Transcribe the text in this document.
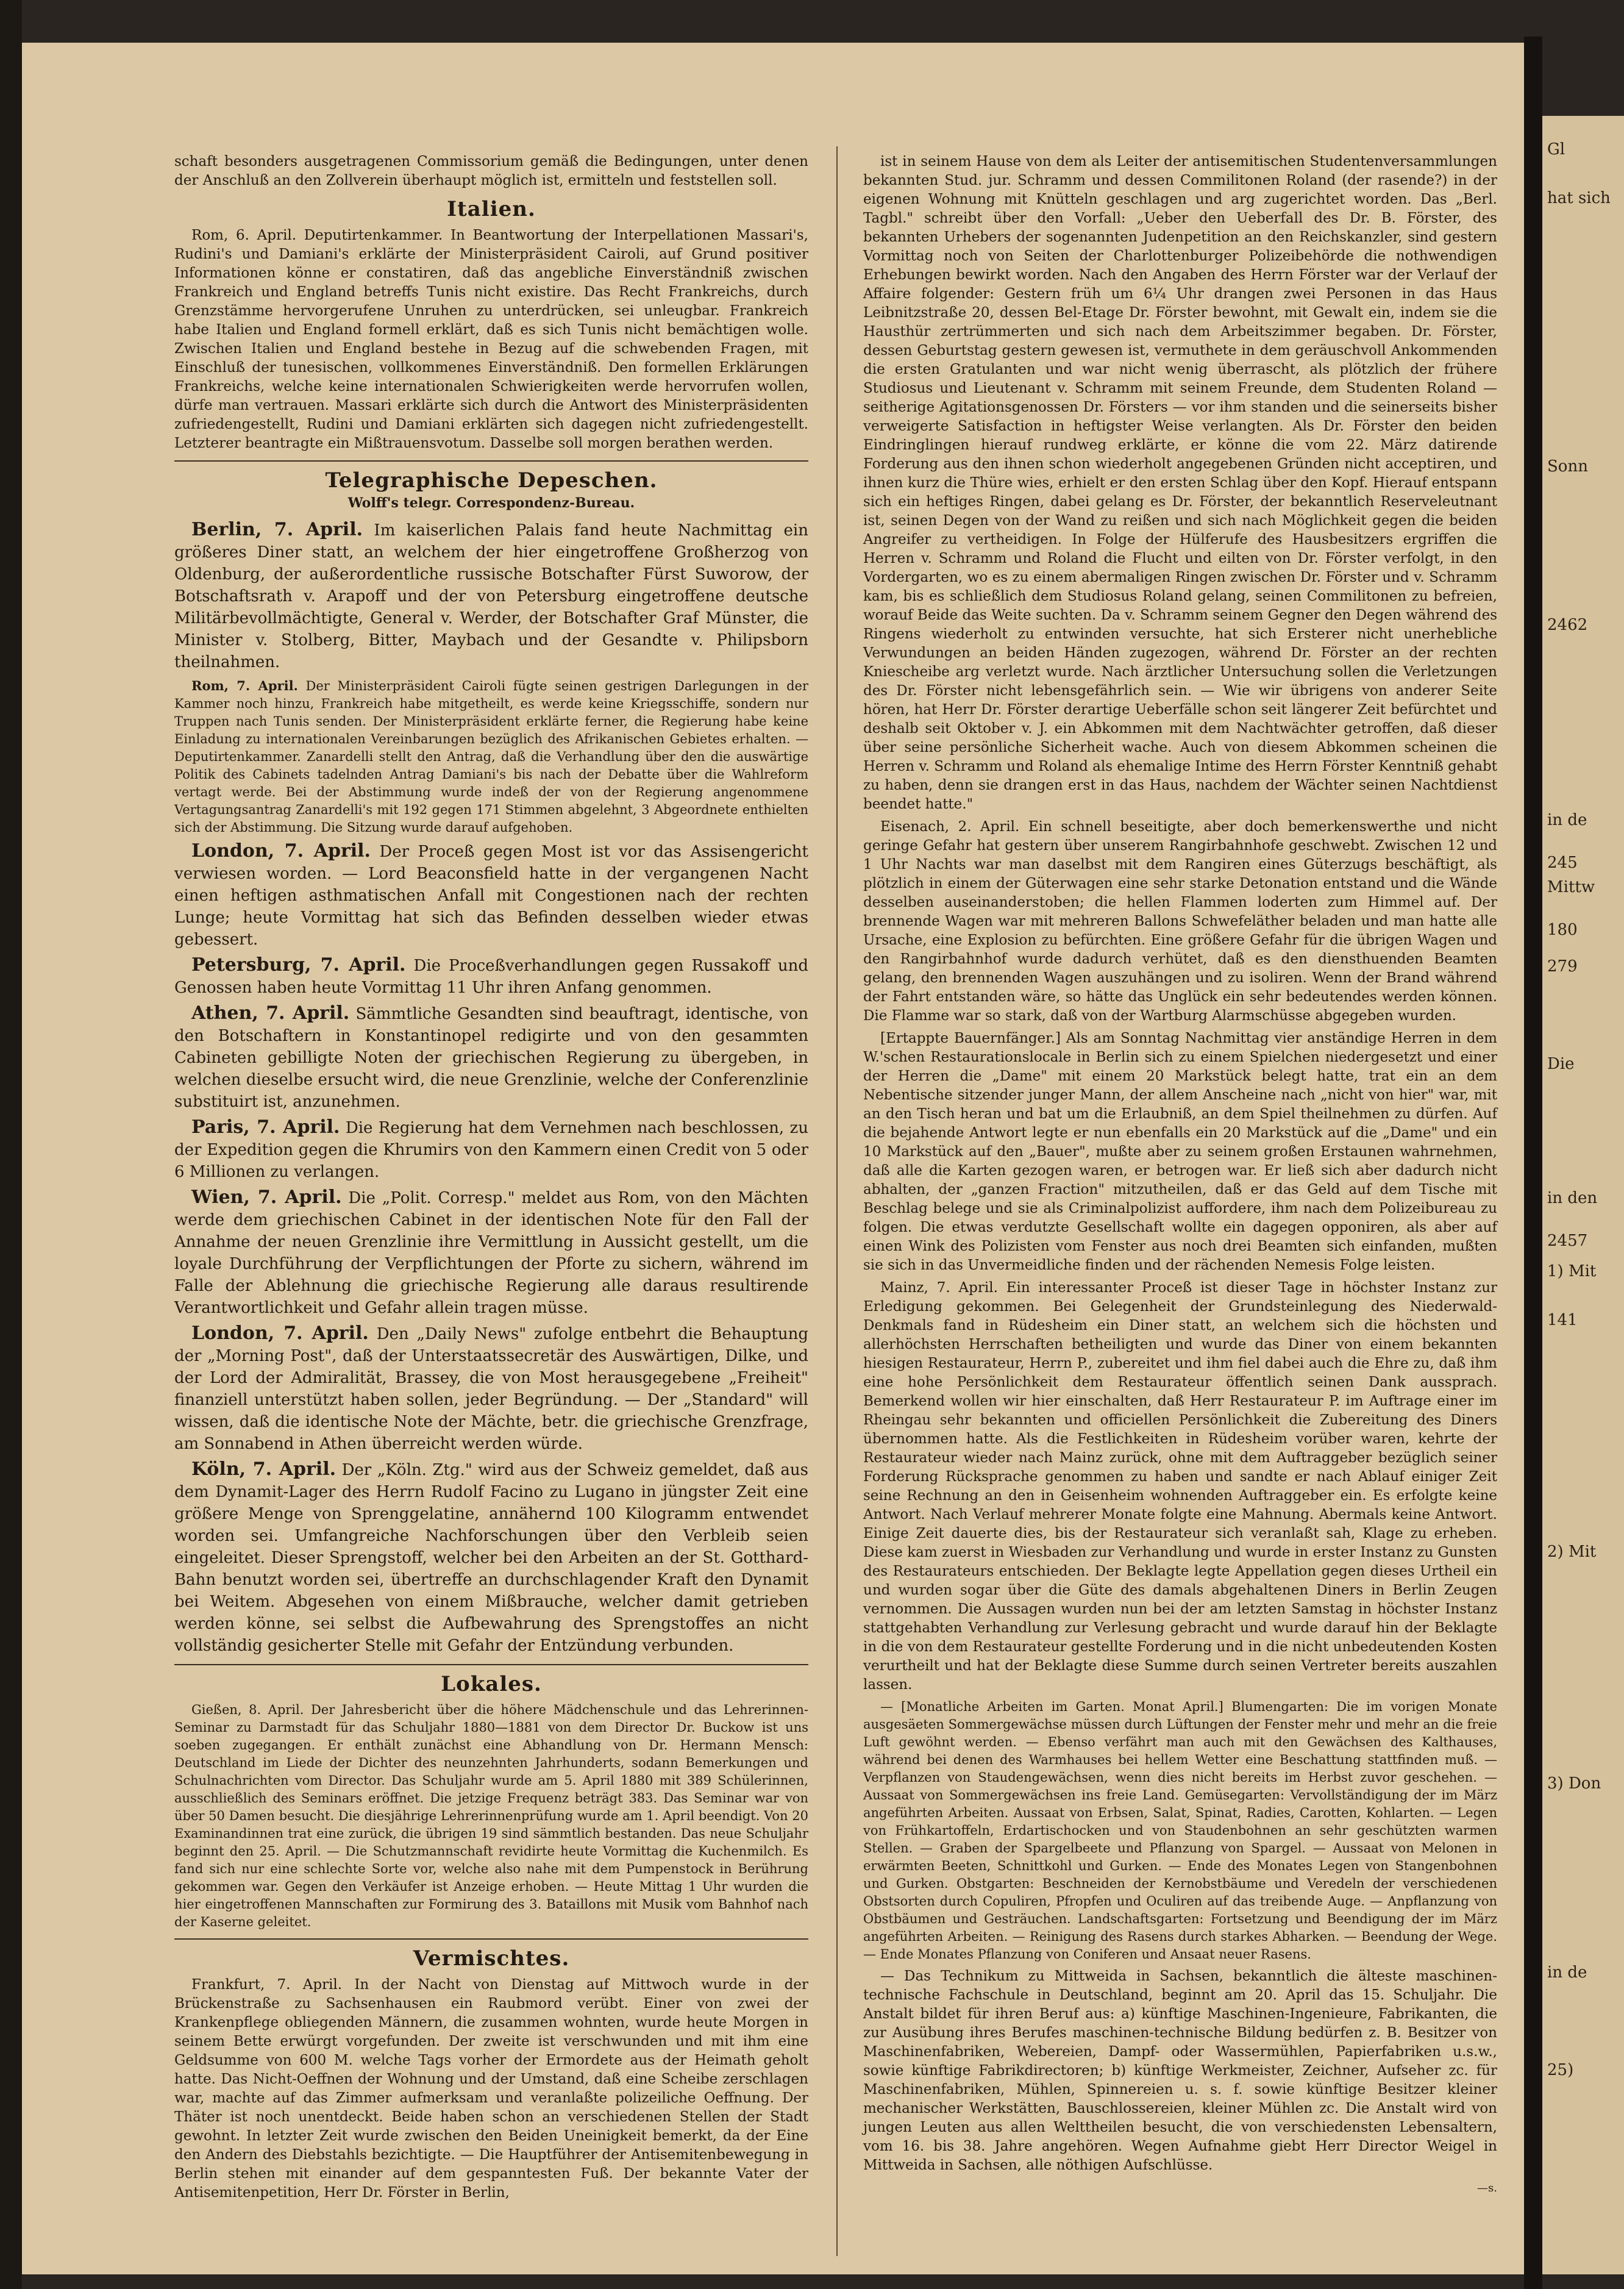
schaft besonders ausgetragenen Commissorium gemäß die Bedingungen, unter denen der Anschluß an den Zollverein überhaupt möglich ist, ermitteln und feststellen soll.

Italien.

Rom, 6. April. Deputirtenkammer. In Beantwortung der Interpellationen Massari's, Rudini's und Damiani's erklärte der Ministerpräsident Cairoli, auf Grund positiver Informationen könne er constatiren, daß das angebliche Einverständniß zwischen Frankreich und England betreffs Tunis nicht existire. Das Recht Frankreichs, durch Grenzstämme hervorgerufene Unruhen zu unterdrücken, sei unleugbar. Frankreich habe Italien und England formell erklärt, daß es sich Tunis nicht bemächtigen wolle. Zwischen Italien und England bestehe in Bezug auf die schwebenden Fragen, mit Einschluß der tunesischen, vollkommenes Einverständniß. Den formellen Erklärungen Frankreichs, welche keine internationalen Schwierigkeiten werde hervorrufen wollen, dürfe man vertrauen. Massari erklärte sich durch die Antwort des Ministerpräsidenten zufriedengestellt, Rudini und Damiani erklärten sich dagegen nicht zufriedengestellt. Letzterer beantragte ein Mißtrauensvotum. Dasselbe soll morgen berathen werden.

Telegraphische Depeschen.
Wolff's telegr. Correspondenz-Bureau.

Berlin, 7. April. Im kaiserlichen Palais fand heute Nachmittag ein größeres Diner statt, an welchem der hier eingetroffene Großherzog von Oldenburg, der außerordentliche russische Botschafter Fürst Suworow, der Botschaftsrath v. Arapoff und der von Petersburg eingetroffene deutsche Militärbevollmächtigte, General v. Werder, der Botschafter Graf Münster, die Minister v. Stolberg, Bitter, Maybach und der Gesandte v. Philipsborn theilnahmen.

Rom, 7. April. Der Ministerpräsident Cairoli fügte seinen gestrigen Darlegungen in der Kammer noch hinzu, Frankreich habe mitgetheilt, es werde keine Kriegsschiffe, sondern nur Truppen nach Tunis senden. Der Ministerpräsident erklärte ferner, die Regierung habe keine Einladung zu internationalen Vereinbarungen bezüglich des Afrikanischen Gebietes erhalten. — Deputirtenkammer. Zanardelli stellt den Antrag, daß die Verhandlung über den die auswärtige Politik des Cabinets tadelnden Antrag Damiani's bis nach der Debatte über die Wahlreform vertagt werde. Bei der Abstimmung wurde indeß der von der Regierung angenommene Vertagungsantrag Zanardelli's mit 192 gegen 171 Stimmen abgelehnt, 3 Abgeordnete enthielten sich der Abstimmung. Die Sitzung wurde darauf aufgehoben.

London, 7. April. Der Proceß gegen Most ist vor das Assisengericht verwiesen worden. — Lord Beaconsfield hatte in der vergangenen Nacht einen heftigen asthmatischen Anfall mit Congestionen nach der rechten Lunge; heute Vormittag hat sich das Befinden desselben wieder etwas gebessert.

Petersburg, 7. April. Die Proceßverhandlungen gegen Russakoff und Genossen haben heute Vormittag 11 Uhr ihren Anfang genommen.

Athen, 7. April. Sämmtliche Gesandten sind beauftragt, identische, von den Botschaftern in Konstantinopel redigirte und von den gesammten Cabineten gebilligte Noten der griechischen Regierung zu übergeben, in welchen dieselbe ersucht wird, die neue Grenzlinie, welche der Conferenzlinie substituirt ist, anzunehmen.

Paris, 7. April. Die Regierung hat dem Vernehmen nach beschlossen, zu der Expedition gegen die Khrumirs von den Kammern einen Credit von 5 oder 6 Millionen zu verlangen.

Wien, 7. April. Die „Polit. Corresp." meldet aus Rom, von den Mächten werde dem griechischen Cabinet in der identischen Note für den Fall der Annahme der neuen Grenzlinie ihre Vermittlung in Aussicht gestellt, um die loyale Durchführung der Verpflichtungen der Pforte zu sichern, während im Falle der Ablehnung die griechische Regierung alle daraus resultirende Verantwortlichkeit und Gefahr allein tragen müsse.

London, 7. April. Den „Daily News" zufolge entbehrt die Behauptung der „Morning Post", daß der Unterstaatssecretär des Auswärtigen, Dilke, und der Lord der Admiralität, Brassey, die von Most herausgegebene „Freiheit" finanziell unterstützt haben sollen, jeder Begründung. — Der „Standard" will wissen, daß die identische Note der Mächte, betr. die griechische Grenzfrage, am Sonnabend in Athen überreicht werden würde.

Köln, 7. April. Der „Köln. Ztg." wird aus der Schweiz gemeldet, daß aus dem Dynamit-Lager des Herrn Rudolf Facino zu Lugano in jüngster Zeit eine größere Menge von Sprenggelatine, annähernd 100 Kilogramm entwendet worden sei. Umfangreiche Nachforschungen über den Verbleib seien eingeleitet. Dieser Sprengstoff, welcher bei den Arbeiten an der St. Gotthard-Bahn benutzt worden sei, übertreffe an durchschlagender Kraft den Dynamit bei Weitem. Abgesehen von einem Mißbrauche, welcher damit getrieben werden könne, sei selbst die Aufbewahrung des Sprengstoffes an nicht vollständig gesicherter Stelle mit Gefahr der Entzündung verbunden.

Lokales.

Gießen, 8. April. Der Jahresbericht über die höhere Mädchenschule und das Lehrerinnen-Seminar zu Darmstadt für das Schuljahr 1880—1881 von dem Director Dr. Buckow ist uns soeben zugegangen. Er enthält zunächst eine Abhandlung von Dr. Hermann Mensch: Deutschland im Liede der Dichter des neunzehnten Jahrhunderts, sodann Bemerkungen und Schulnachrichten vom Director. Das Schuljahr wurde am 5. April 1880 mit 389 Schülerinnen, ausschließlich des Seminars eröffnet. Die jetzige Frequenz beträgt 383. Das Seminar war von über 50 Damen besucht. Die diesjährige Lehrerinnenprüfung wurde am 1. April beendigt. Von 20 Examinandinnen trat eine zurück, die übrigen 19 sind sämmtlich bestanden. Das neue Schuljahr beginnt den 25. April. — Die Schutzmannschaft revidirte heute Vormittag die Kuchenmilch. Es fand sich nur eine schlechte Sorte vor, welche also nahe mit dem Pumpenstock in Berührung gekommen war. Gegen den Verkäufer ist Anzeige erhoben. — Heute Mittag 1 Uhr wurden die hier eingetroffenen Mannschaften zur Formirung des 3. Bataillons mit Musik vom Bahnhof nach der Kaserne geleitet.

Vermischtes.

Frankfurt, 7. April. In der Nacht von Dienstag auf Mittwoch wurde in der Brückenstraße zu Sachsenhausen ein Raubmord verübt. Einer von zwei der Krankenpflege obliegenden Männern, die zusammen wohnten, wurde heute Morgen in seinem Bette erwürgt vorgefunden. Der zweite ist verschwunden und mit ihm eine Geldsumme von 600 M. welche Tags vorher der Ermordete aus der Heimath geholt hatte. Das Nicht-Oeffnen der Wohnung und der Umstand, daß eine Scheibe zerschlagen war, machte auf das Zimmer aufmerksam und veranlaßte polizeiliche Oeffnung. Der Thäter ist noch unentdeckt. Beide haben schon an verschiedenen Stellen der Stadt gewohnt. In letzter Zeit wurde zwischen den Beiden Uneinigkeit bemerkt, da der Eine den Andern des Diebstahls bezichtigte. — Die Hauptführer der Antisemitenbewegung in Berlin stehen mit einander auf dem gespanntesten Fuß. Der bekannte Vater der Antisemitenpetition, Herr Dr. Förster in Berlin,

ist in seinem Hause von dem als Leiter der antisemitischen Studentenversammlungen bekannten Stud. jur. Schramm und dessen Commilitonen Roland (der rasende?) in der eigenen Wohnung mit Knütteln geschlagen und arg zugerichtet worden. Das „Berl. Tagbl." schreibt über den Vorfall: „Ueber den Ueberfall des Dr. B. Förster, des bekannten Urhebers der sogenannten Judenpetition an den Reichskanzler, sind gestern Vormittag noch von Seiten der Charlottenburger Polizeibehörde die nothwendigen Erhebungen bewirkt worden. Nach den Angaben des Herrn Förster war der Verlauf der Affaire folgender: Gestern früh um 6¼ Uhr drangen zwei Personen in das Haus Leibnitzstraße 20, dessen Bel-Etage Dr. Förster bewohnt, mit Gewalt ein, indem sie die Hausthür zertrümmerten und sich nach dem Arbeitszimmer begaben. Dr. Förster, dessen Geburtstag gestern gewesen ist, vermuthete in dem geräuschvoll Ankommenden die ersten Gratulanten und war nicht wenig überrascht, als plötzlich der frühere Studiosus und Lieutenant v. Schramm mit seinem Freunde, dem Studenten Roland — seitherige Agitationsgenossen Dr. Försters — vor ihm standen und die seinerseits bisher verweigerte Satisfaction in heftigster Weise verlangten. Als Dr. Förster den beiden Eindringlingen hierauf rundweg erklärte, er könne die vom 22. März datirende Forderung aus den ihnen schon wiederholt angegebenen Gründen nicht acceptiren, und ihnen kurz die Thüre wies, erhielt er den ersten Schlag über den Kopf. Hierauf entspann sich ein heftiges Ringen, dabei gelang es Dr. Förster, der bekanntlich Reserveleutnant ist, seinen Degen von der Wand zu reißen und sich nach Möglichkeit gegen die beiden Angreifer zu vertheidigen. In Folge der Hülferufe des Hausbesitzers ergriffen die Herren v. Schramm und Roland die Flucht und eilten von Dr. Förster verfolgt, in den Vordergarten, wo es zu einem abermaligen Ringen zwischen Dr. Förster und v. Schramm kam, bis es schließlich dem Studiosus Roland gelang, seinen Commilitonen zu befreien, worauf Beide das Weite suchten. Da v. Schramm seinem Gegner den Degen während des Ringens wiederholt zu entwinden versuchte, hat sich Ersterer nicht unerhebliche Verwundungen an beiden Händen zugezogen, während Dr. Förster an der rechten Kniescheibe arg verletzt wurde. Nach ärztlicher Untersuchung sollen die Verletzungen des Dr. Förster nicht lebensgefährlich sein. — Wie wir übrigens von anderer Seite hören, hat Herr Dr. Förster derartige Ueberfälle schon seit längerer Zeit befürchtet und deshalb seit Oktober v. J. ein Abkommen mit dem Nachtwächter getroffen, daß dieser über seine persönliche Sicherheit wache. Auch von diesem Abkommen scheinen die Herren v. Schramm und Roland als ehemalige Intime des Herrn Förster Kenntniß gehabt zu haben, denn sie drangen erst in das Haus, nachdem der Wächter seinen Nachtdienst beendet hatte."

Eisenach, 2. April. Ein schnell beseitigte, aber doch bemerkenswerthe und nicht geringe Gefahr hat gestern über unserem Rangirbahnhofe geschwebt. Zwischen 12 und 1 Uhr Nachts war man daselbst mit dem Rangiren eines Güterzugs beschäftigt, als plötzlich in einem der Güterwagen eine sehr starke Detonation entstand und die Wände desselben auseinanderstoben; die hellen Flammen loderten zum Himmel auf. Der brennende Wagen war mit mehreren Ballons Schwefeläther beladen und man hatte alle Ursache, eine Explosion zu befürchten. Eine größere Gefahr für die übrigen Wagen und den Rangirbahnhof wurde dadurch verhütet, daß es den diensthuenden Beamten gelang, den brennenden Wagen auszuhängen und zu isoliren. Wenn der Brand während der Fahrt entstanden wäre, so hätte das Unglück ein sehr bedeutendes werden können. Die Flamme war so stark, daß von der Wartburg Alarmschüsse abgegeben wurden.

[Ertappte Bauernfänger.] Als am Sonntag Nachmittag vier anständige Herren in dem W.'schen Restaurationslocale in Berlin sich zu einem Spielchen niedergesetzt und einer der Herren die „Dame" mit einem 20 Markstück belegt hatte, trat ein an dem Nebentische sitzender junger Mann, der allem Anscheine nach „nicht von hier" war, mit an den Tisch heran und bat um die Erlaubniß, an dem Spiel theilnehmen zu dürfen. Auf die bejahende Antwort legte er nun ebenfalls ein 20 Markstück auf die „Dame" und ein 10 Markstück auf den „Bauer", mußte aber zu seinem großen Erstaunen wahrnehmen, daß alle die Karten gezogen waren, er betrogen war. Er ließ sich aber dadurch nicht abhalten, der „ganzen Fraction" mitzutheilen, daß er das Geld auf dem Tische mit Beschlag belege und sie als Criminalpolizist auffordere, ihm nach dem Polizeibureau zu folgen. Die etwas verdutzte Gesellschaft wollte ein dagegen opponiren, als aber auf einen Wink des Polizisten vom Fenster aus noch drei Beamten sich einfanden, mußten sie sich in das Unvermeidliche finden und der rächenden Nemesis Folge leisten.

Mainz, 7. April. Ein interessanter Proceß ist dieser Tage in höchster Instanz zur Erledigung gekommen. Bei Gelegenheit der Grundsteinlegung des Niederwald-Denkmals fand in Rüdesheim ein Diner statt, an welchem sich die höchsten und allerhöchsten Herrschaften betheiligten und wurde das Diner von einem bekannten hiesigen Restaurateur, Herrn P., zubereitet und ihm fiel dabei auch die Ehre zu, daß ihm eine hohe Persönlichkeit dem Restaurateur öffentlich seinen Dank aussprach. Bemerkend wollen wir hier einschalten, daß Herr Restaurateur P. im Auftrage einer im Rheingau sehr bekannten und officiellen Persönlichkeit die Zubereitung des Diners übernommen hatte. Als die Festlichkeiten in Rüdesheim vorüber waren, kehrte der Restaurateur wieder nach Mainz zurück, ohne mit dem Auftraggeber bezüglich seiner Forderung Rücksprache genommen zu haben und sandte er nach Ablauf einiger Zeit seine Rechnung an den in Geisenheim wohnenden Auftraggeber ein. Es erfolgte keine Antwort. Nach Verlauf mehrerer Monate folgte eine Mahnung. Abermals keine Antwort. Einige Zeit dauerte dies, bis der Restaurateur sich veranlaßt sah, Klage zu erheben. Diese kam zuerst in Wiesbaden zur Verhandlung und wurde in erster Instanz zu Gunsten des Restaurateurs entschieden. Der Beklagte legte Appellation gegen dieses Urtheil ein und wurden sogar über die Güte des damals abgehaltenen Diners in Berlin Zeugen vernommen. Die Aussagen wurden nun bei der am letzten Samstag in höchster Instanz stattgehabten Verhandlung zur Verlesung gebracht und wurde darauf hin der Beklagte in die von dem Restaurateur gestellte Forderung und in die nicht unbedeutenden Kosten verurtheilt und hat der Beklagte diese Summe durch seinen Vertreter bereits auszahlen lassen.

— [Monatliche Arbeiten im Garten. Monat April.] Blumengarten: Die im vorigen Monate ausgesäeten Sommergewächse müssen durch Lüftungen der Fenster mehr und mehr an die freie Luft gewöhnt werden. — Ebenso verfährt man auch mit den Gewächsen des Kalthauses, während bei denen des Warmhauses bei hellem Wetter eine Beschattung stattfinden muß. — Verpflanzen von Staudengewächsen, wenn dies nicht bereits im Herbst zuvor geschehen. — Aussaat von Sommergewächsen ins freie Land. Gemüsegarten: Vervollständigung der im März angeführten Arbeiten. Aussaat von Erbsen, Salat, Spinat, Radies, Carotten, Kohlarten. — Legen von Frühkartoffeln, Erdartischocken und von Staudenbohnen an sehr geschützten warmen Stellen. — Graben der Spargelbeete und Pflanzung von Spargel. — Aussaat von Melonen in erwärmten Beeten, Schnittkohl und Gurken. — Ende des Monates Legen von Stangenbohnen und Gurken. Obstgarten: Beschneiden der Kernobstbäume und Veredeln der verschiedenen Obstsorten durch Copuliren, Pfropfen und Oculiren auf das treibende Auge. — Anpflanzung von Obstbäumen und Gesträuchen. Landschaftsgarten: Fortsetzung und Beendigung der im März angeführten Arbeiten. — Reinigung des Rasens durch starkes Abharken. — Beendung der Wege. — Ende Monates Pflanzung von Coniferen und Ansaat neuer Rasens.

— Das Technikum zu Mittweida in Sachsen, bekanntlich die älteste maschinen-technische Fachschule in Deutschland, beginnt am 20. April das 15. Schuljahr. Die Anstalt bildet für ihren Beruf aus: a) künftige Maschinen-Ingenieure, Fabrikanten, die zur Ausübung ihres Berufes maschinen-technische Bildung bedürfen z. B. Besitzer von Maschinenfabriken, Webereien, Dampf- oder Wassermühlen, Papierfabriken u.s.w., sowie künftige Fabrikdirectoren; b) künftige Werkmeister, Zeichner, Aufseher zc. für Maschinenfabriken, Mühlen, Spinnereien u. s. f. sowie künftige Besitzer kleiner mechanischer Werkstätten, Bauschlossereien, kleiner Mühlen zc. Die Anstalt wird von jungen Leuten aus allen Welttheilen besucht, die von verschiedensten Lebensaltern, vom 16. bis 38. Jahre angehören. Wegen Aufnahme giebt Herr Director Weigel in Mittweida in Sachsen, alle nöthigen Aufschlüsse.

—s.
Gl
hat sich
Sonn
2462
in de
245
Mittw
180
279
Die
in den
2457
1) Mit
141
2) Mit
3) Don
in de
25)
